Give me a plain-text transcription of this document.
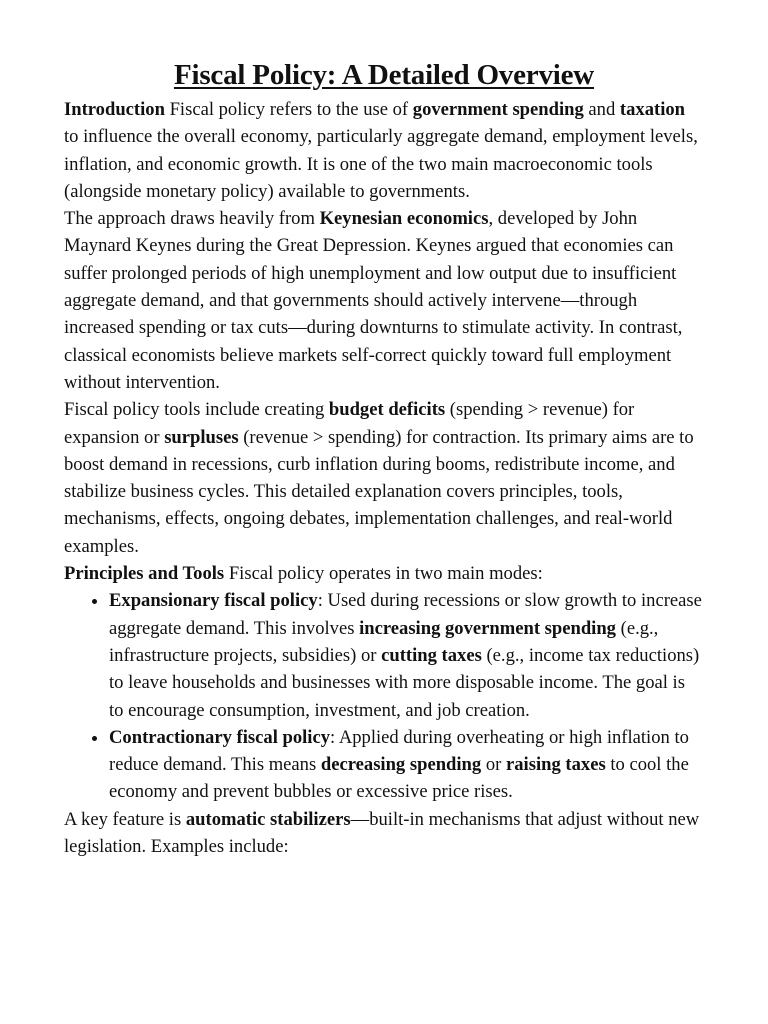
Fiscal Policy: A Detailed Overview

Introduction Fiscal policy refers to the use of government spending and taxation to influence the overall economy, particularly aggregate demand, employment levels, inflation, and economic growth. It is one of the two main macroeconomic tools (alongside monetary policy) available to governments.

The approach draws heavily from Keynesian economics, developed by John Maynard Keynes during the Great Depression. Keynes argued that economies can suffer prolonged periods of high unemployment and low output due to insufficient aggregate demand, and that governments should actively intervene—through increased spending or tax cuts—during downturns to stimulate activity. In contrast, classical economists believe markets self-correct quickly toward full employment without intervention.

Fiscal policy tools include creating budget deficits (spending > revenue) for expansion or surpluses (revenue > spending) for contraction. Its primary aims are to boost demand in recessions, curb inflation during booms, redistribute income, and stabilize business cycles. This detailed explanation covers principles, tools, mechanisms, effects, ongoing debates, implementation challenges, and real-world examples.

Principles and Tools Fiscal policy operates in two main modes:

• Expansionary fiscal policy: Used during recessions or slow growth to increase aggregate demand. This involves increasing government spending (e.g., infrastructure projects, subsidies) or cutting taxes (e.g., income tax reductions) to leave households and businesses with more disposable income. The goal is to encourage consumption, investment, and job creation.
• Contractionary fiscal policy: Applied during overheating or high inflation to reduce demand. This means decreasing spending or raising taxes to cool the economy and prevent bubbles or excessive price rises.

A key feature is automatic stabilizers—built-in mechanisms that adjust without new legislation. Examples include:
